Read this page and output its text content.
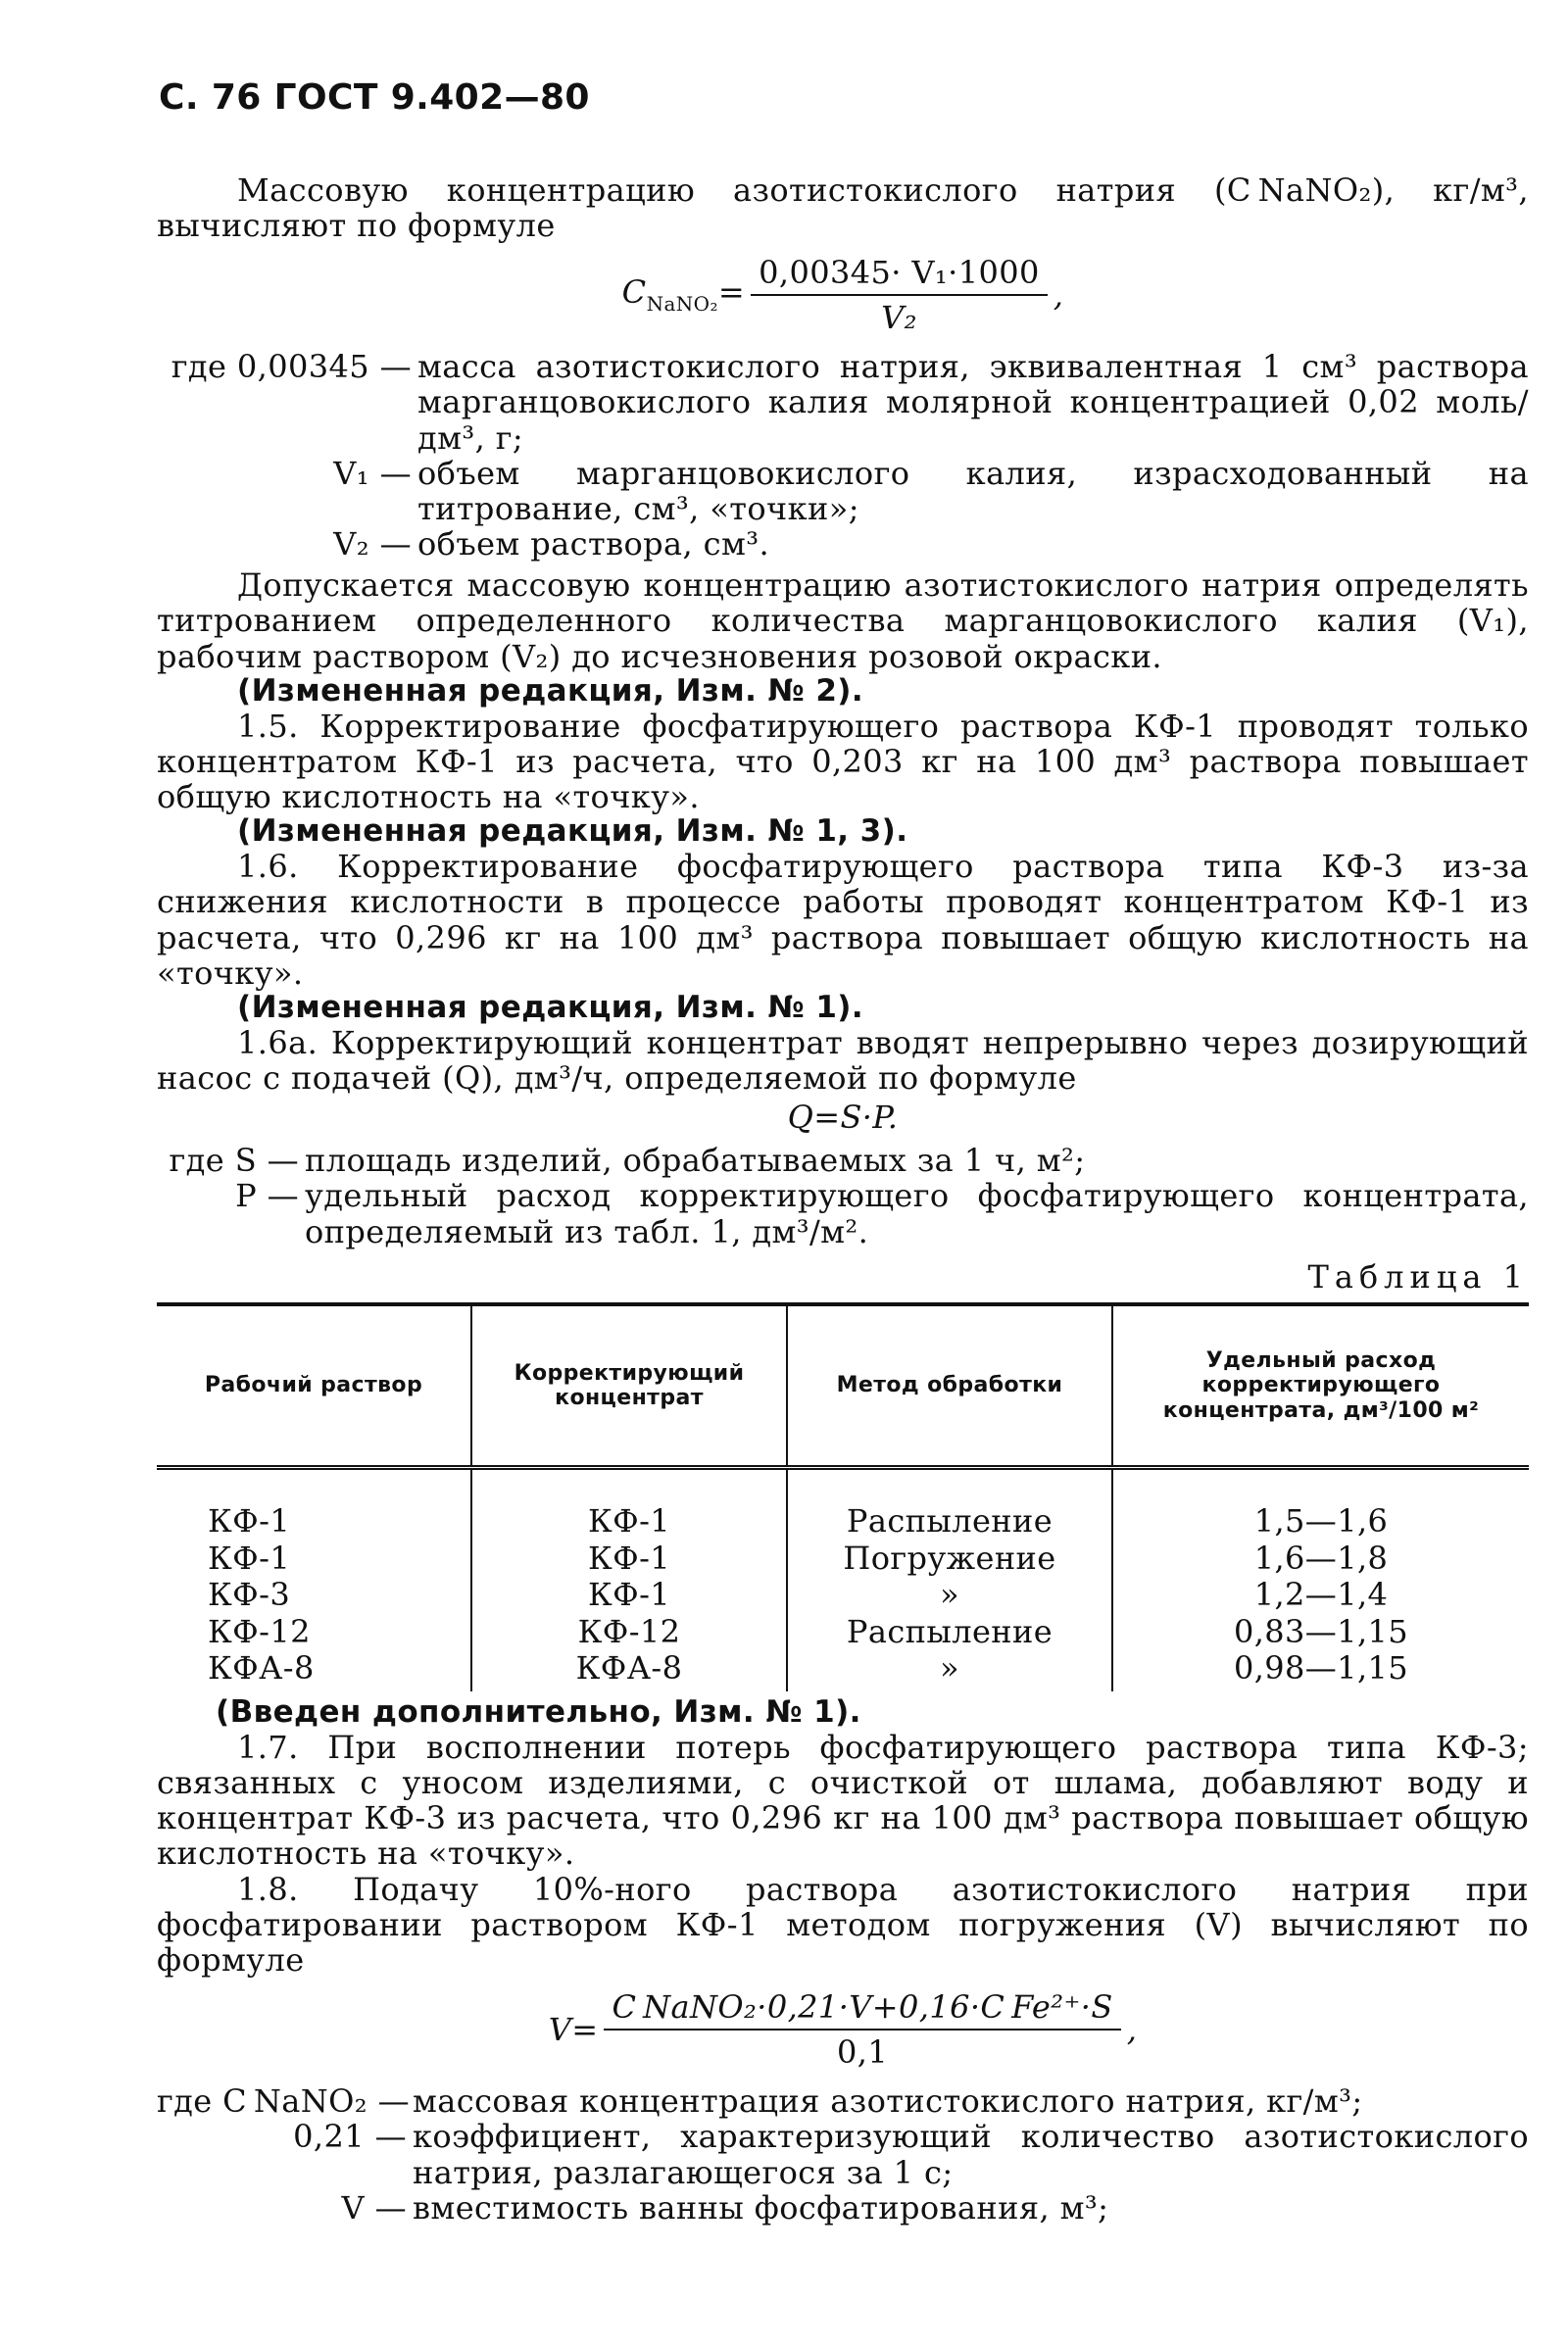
С. 76 ГОСТ 9.402—80

Массовую концентрацию азотистокислого натрия (C NaNO₂), кг/м³, вычисляют по формуле

$C_{NaNO_2}= \frac{\text{0,00345· V₁·1000}}{\text{V₂}}$ ,
где 0,00345 — масса азотистокислого натрия, эквивалентная 1 см³ раствора марганцовокислого калия молярной концентрацией 0,02 моль/дм³, г;
V₁ — объем марганцовокислого калия, израсходованный на титрование, см³, «точки»;
V₂ — объем раствора, см³.

Допускается массовую концентрацию азотистокислого натрия определять титрованием определенного количества марганцовокислого калия (V₁), рабочим раствором (V₂) до исчезновения розовой окраски.

(Измененная редакция, Изм. № 2).

1.5. Корректирование фосфатирующего раствора КФ-1 проводят только концентратом КФ-1 из расчета, что 0,203 кг на 100 дм³ раствора повышает общую кислотность на «точку».

(Измененная редакция, Изм. № 1, 3).

1.6. Корректирование фосфатирующего раствора типа КФ-3 из-за снижения кислотности в процессе работы проводят концентратом КФ-1 из расчета, что 0,296 кг на 100 дм³ раствора повышает общую кислотность на «точку».

(Измененная редакция, Изм. № 1).

1.6а. Корректирующий концентрат вводят непрерывно через дозирующий насос с подачей (Q), дм³/ч, определяемой по формуле

Q=S·P.
где S — площадь изделий, обрабатываемых за 1 ч, м²;
P — удельный расход корректирующего фосфатирующего концентрата, определяемый из табл. 1, дм³/м².
Таблица 1
Рабочий раствор	Корректирующий концентрат	Метод обработки	Удельный расход корректирующего концентрата, дм³/100 м²
КФ-1	КФ-1	Распыление	1,5—1,6
КФ-1	КФ-1	Погружение	1,6—1,8
КФ-3	КФ-1	»	1,2—1,4
КФ-12	КФ-12	Распыление	0,83—1,15
КФА-8	КФА-8	»	0,98—1,15

(Введен дополнительно, Изм. № 1).

1.7. При восполнении потерь фосфатирующего раствора типа КФ-3; связанных с уносом изделиями, с очисткой от шлама, добавляют воду и концентрат КФ-3 из расчета, что 0,296 кг на 100 дм³ раствора повышает общую кислотность на «точку».

1.8. Подачу 10%-ного раствора азотистокислого натрия при фосфатировании раствором КФ-1 методом погружения (V) вычисляют по формуле

$V= \frac{\text{C NaNO₂·0,21·V+0,16·C Fe²⁺·S}}{0,1}$ ,
где C NaNO₂ — массовая концентрация азотистокислого натрия, кг/м³;
0,21 — коэффициент, характеризующий количество азотистокислого натрия, разлагающегося за 1 с;
V — вместимость ванны фосфатирования, м³;
